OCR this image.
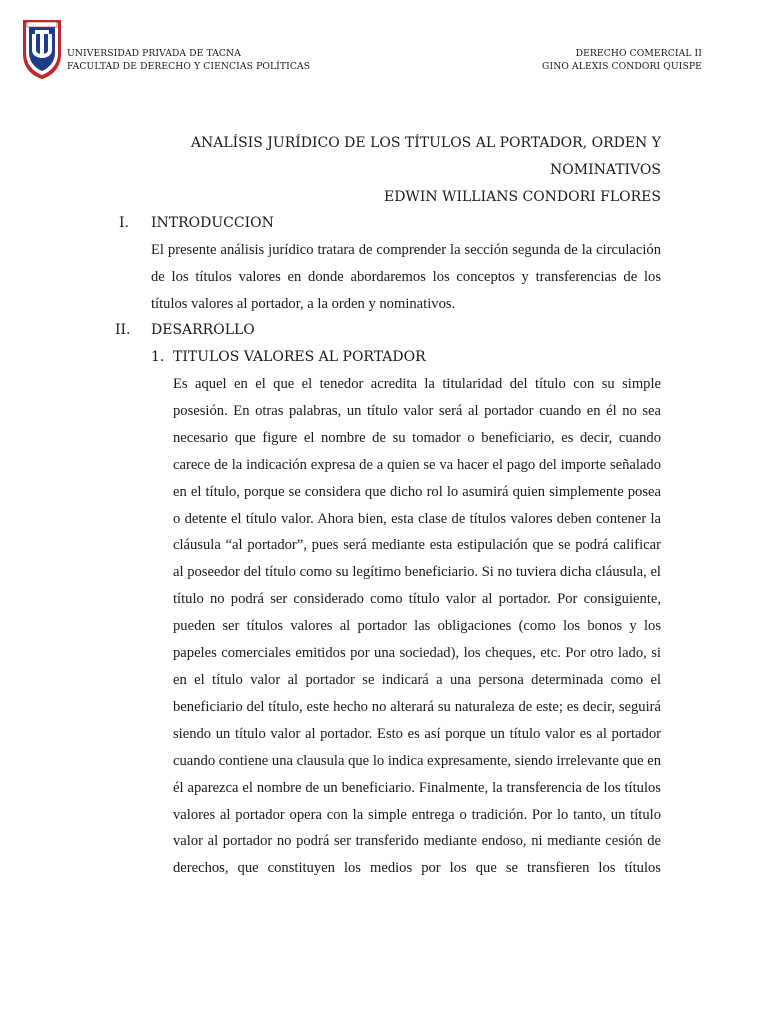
UNIVERSIDAD PRIVADA DE TACNA
FACULTAD DE DERECHO Y CIENCIAS POLÍTICAS
DERECHO COMERCIAL II
GINO ALEXIS CONDORI QUISPE
ANALÍSIS JURÍDICO DE LOS TÍTULOS AL PORTADOR, ORDEN Y
NOMINATIVOS
EDWIN WILLIANS CONDORI FLORES
I. INTRODUCCION
El presente análisis jurídico tratara de comprender la sección segunda de la circulación de los títulos valores en donde abordaremos los conceptos y transferencias de los títulos valores al portador, a la orden y nominativos.
II. DESARROLLO
1. TITULOS VALORES AL PORTADOR
Es aquel en el que el tenedor acredita la titularidad del título con su simple posesión. En otras palabras, un título valor será al portador cuando en él no sea necesario que figure el nombre de su tomador o beneficiario, es decir, cuando carece de la indicación expresa de a quien se va hacer el pago del importe señalado en el título, porque se considera que dicho rol lo asumirá quien simplemente posea o detente el título valor. Ahora bien, esta clase de títulos valores deben contener la cláusula “al portador”, pues será mediante esta estipulación que se podrá calificar al poseedor del título como su legítimo beneficiario. Si no tuviera dicha cláusula, el título no podrá ser considerado como título valor al portador. Por consiguiente, pueden ser títulos valores al portador las obligaciones (como los bonos y los papeles comerciales emitidos por una sociedad), los cheques, etc. Por otro lado, si en el título valor al portador se indicará a una persona determinada como el beneficiario del título, este hecho no alterará su naturaleza de este; es decir, seguirá siendo un título valor al portador. Esto es así porque un título valor es al portador cuando contiene una clausula que lo indica expresamente, siendo irrelevante que en él aparezca el nombre de un beneficiario. Finalmente, la transferencia de los títulos valores al portador opera con la simple entrega o tradición. Por lo tanto, un título valor al portador no podrá ser transferido mediante endoso, ni mediante cesión de derechos, que constituyen los medios por los que se transfieren los títulos
